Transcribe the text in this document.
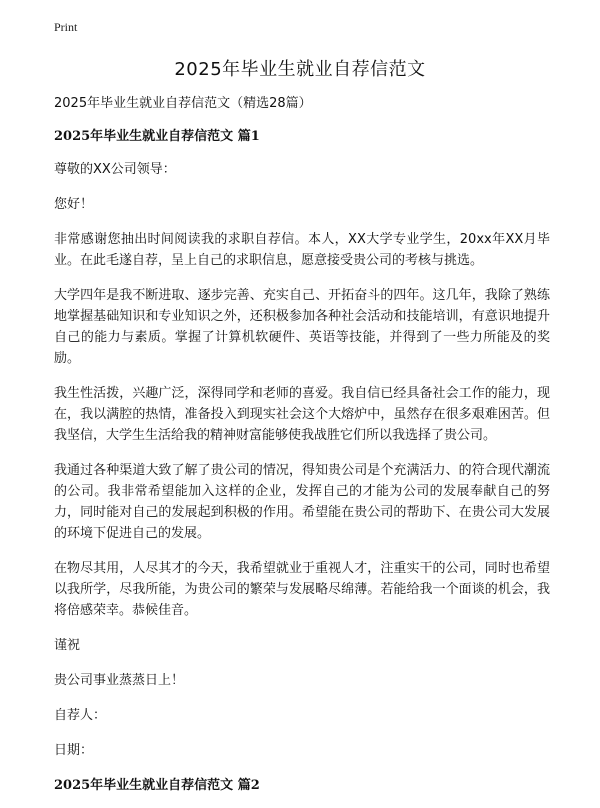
Print
2025年毕业生就业自荐信范文

2025年毕业生就业自荐信范文（精选28篇）

2025年毕业生就业自荐信范文 篇1

尊敬的XX公司领导：

您好！

非常感谢您抽出时间阅读我的求职自荐信。本人，XX大学专业学生，20xx年XX月毕业。在此毛遂自荐，呈上自己的求职信息，愿意接受贵公司的考核与挑选。

大学四年是我不断进取、逐步完善、充实自己、开拓奋斗的四年。这几年，我除了熟练地掌握基础知识和专业知识之外，还积极参加各种社会活动和技能培训，有意识地提升自己的能力与素质。掌握了计算机软硬件、英语等技能，并得到了一些力所能及的奖励。

我生性活拨，兴趣广泛，深得同学和老师的喜爱。我自信已经具备社会工作的能力，现在，我以满腔的热情，准备投入到现实社会这个大熔炉中，虽然存在很多艰难困苦。但我坚信，大学生生活给我的精神财富能够使我战胜它们所以我选择了贵公司。

我通过各种渠道大致了解了贵公司的情况，得知贵公司是个充满活力、的符合现代潮流的公司。我非常希望能加入这样的企业，发挥自己的才能为公司的发展奉献自己的努力，同时能对自己的发展起到积极的作用。希望能在贵公司的帮助下、在贵公司大发展的环境下促进自己的发展。

在物尽其用，人尽其才的今天，我希望就业于重视人才，注重实干的公司，同时也希望以我所学，尽我所能，为贵公司的繁荣与发展略尽绵薄。若能给我一个面谈的机会，我将倍感荣幸。恭候佳音。

谨祝

贵公司事业蒸蒸日上！

自荐人：

日期：

2025年毕业生就业自荐信范文 篇2
